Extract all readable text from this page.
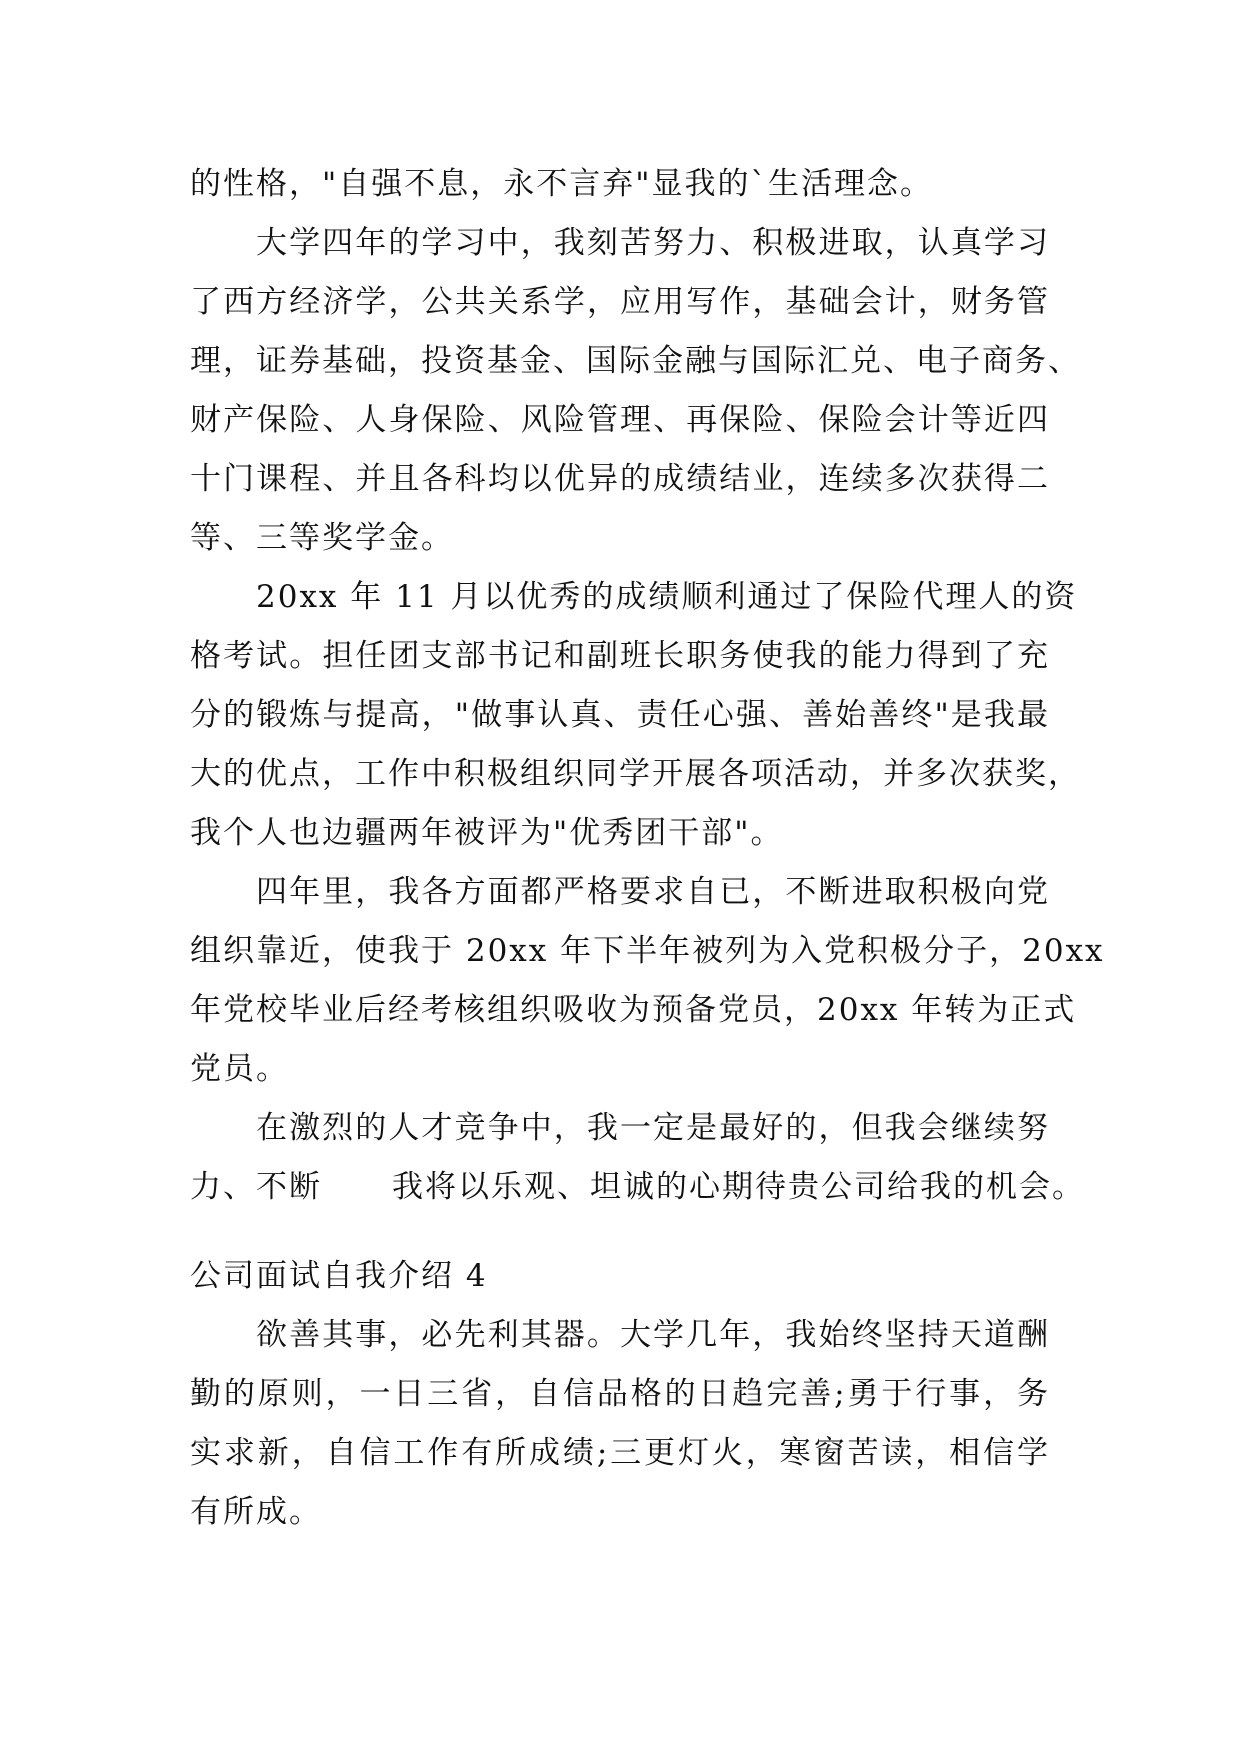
的性格，"自强不息，永不言弃"显我的`生活理念。
大学四年的学习中，我刻苦努力、积极进取，认真学习
了西方经济学，公共关系学，应用写作，基础会计，财务管
理，证券基础，投资基金、国际金融与国际汇兑、电子商务、
财产保险、人身保险、风险管理、再保险、保险会计等近四
十门课程、并且各科均以优异的成绩结业，连续多次获得二
等、三等奖学金。
20xx 年 11 月以优秀的成绩顺利通过了保险代理人的资
格考试。担任团支部书记和副班长职务使我的能力得到了充
分的锻炼与提高，"做事认真、责任心强、善始善终"是我最
大的优点，工作中积极组织同学开展各项活动，并多次获奖，
我个人也边疆两年被评为"优秀团干部"。
四年里，我各方面都严格要求自已，不断进取积极向党
组织靠近，使我于 20xx 年下半年被列为入党积极分子，20xx
年党校毕业后经考核组织吸收为预备党员，20xx 年转为正式
党员。
在激烈的人才竞争中，我一定是最好的，但我会继续努
力、不断 我将以乐观、坦诚的心期待贵公司给我的机会。
公司面试自我介绍 4
欲善其事，必先利其器。大学几年，我始终坚持天道酬
勤的原则，一日三省，自信品格的日趋完善;勇于行事，务
实求新，自信工作有所成绩;三更灯火，寒窗苦读，相信学
有所成。
